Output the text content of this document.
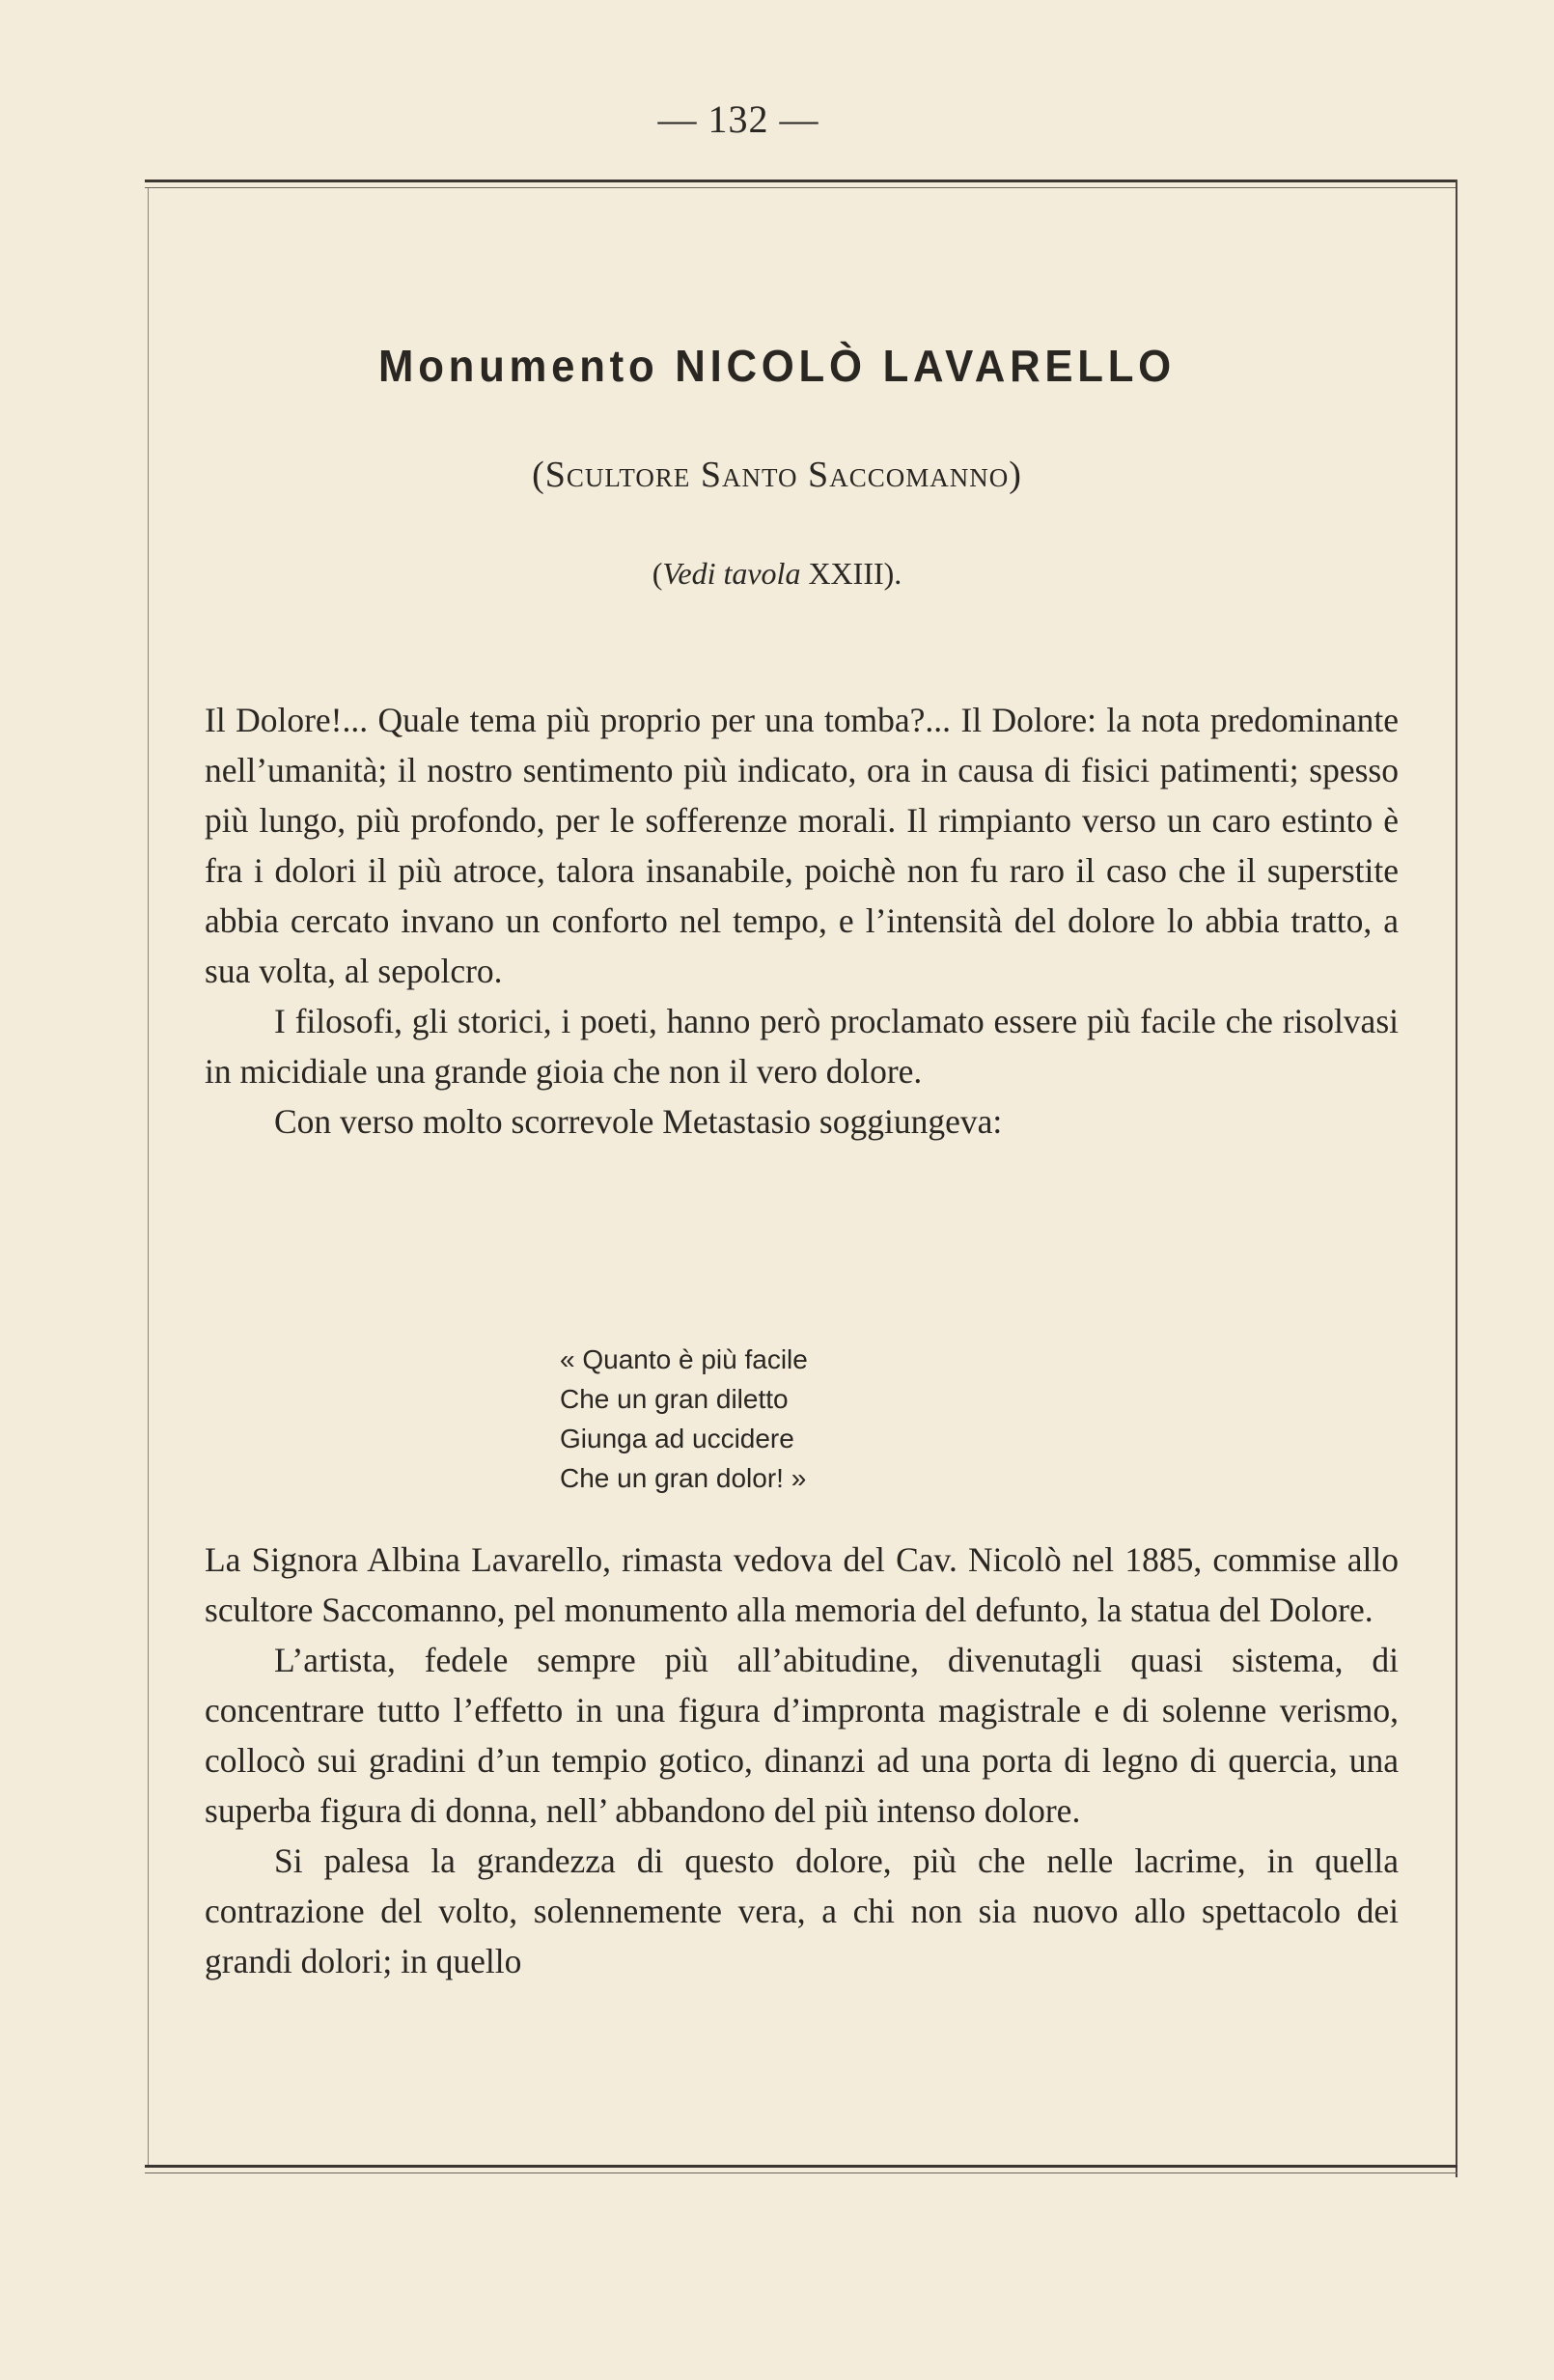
— 132 —
Monumento NICOLÒ LAVARELLO
(Scultore Santo Saccomanno)
(Vedi tavola XXIII).

Il Dolore!... Quale tema più proprio per una tomba?... Il Dolore: la nota predominante nell’umanità; il nostro sentimento più indicato, ora in causa di fisici patimenti; spesso più lungo, più profondo, per le sofferenze morali. Il rimpianto verso un caro estinto è fra i dolori il più atroce, talora insanabile, poichè non fu raro il caso che il superstite abbia cercato invano un conforto nel tempo, e l’intensità del dolore lo abbia tratto, a sua volta, al sepolcro.

I filosofi, gli storici, i poeti, hanno però proclamato essere più facile che risolvasi in micidiale una grande gioia che non il vero dolore.

Con verso molto scorrevole Metastasio soggiungeva:

« Quanto è più facile
Che un gran diletto
Giunga ad uccidere
Che un gran dolor! »

La Signora Albina Lavarello, rimasta vedova del Cav. Nicolò nel 1885, commise allo scultore Saccomanno, pel monumento alla memoria del defunto, la statua del Dolore.

L’artista, fedele sempre più all’abitudine, divenutagli quasi sistema, di concentrare tutto l’effetto in una figura d’impronta magistrale e di solenne verismo, collocò sui gradini d’un tempio gotico, dinanzi ad una porta di legno di quercia, una superba figura di donna, nell’ abbandono del più intenso dolore.

Si palesa la grandezza di questo dolore, più che nelle lacrime, in quella contrazione del volto, solennemente vera, a chi non sia nuovo allo spettacolo dei grandi dolori; in quello
